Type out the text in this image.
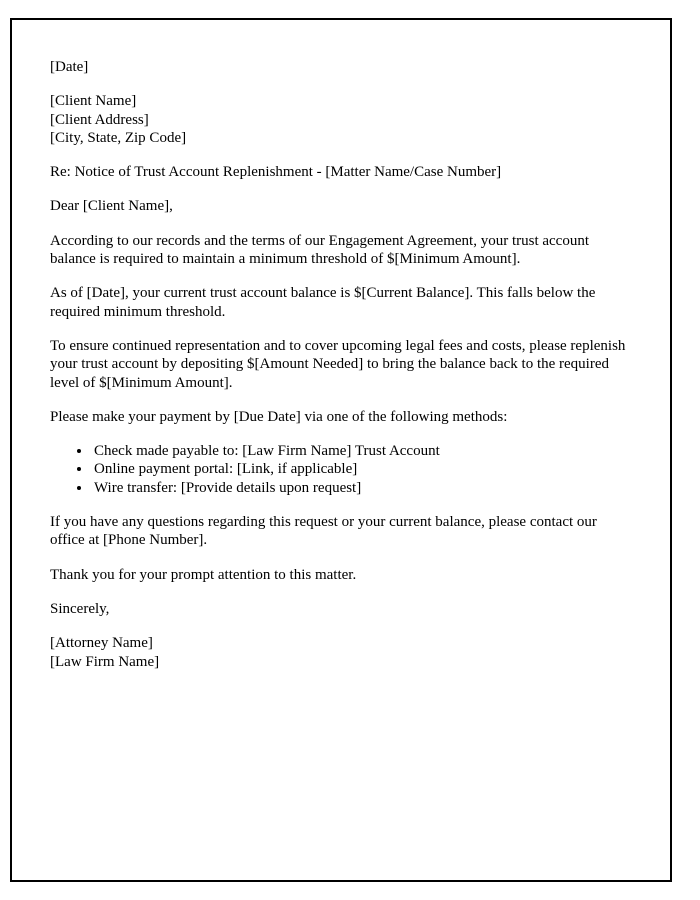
[Date]

[Client Name]

[Client Address]

[City, State, Zip Code]

Re: Notice of Trust Account Replenishment - [Matter Name/Case Number]

Dear [Client Name],

According to our records and the terms of our Engagement Agreement, your trust account balance is required to maintain a minimum threshold of $[Minimum Amount].

As of [Date], your current trust account balance is $[Current Balance]. This falls below the required minimum threshold.

To ensure continued representation and to cover upcoming legal fees and costs, please replenish your trust account by depositing $[Amount Needed] to bring the balance back to the required level of $[Minimum Amount].

Please make your payment by [Due Date] via one of the following methods:

• Check made payable to: [Law Firm Name] Trust Account
• Online payment portal: [Link, if applicable]
• Wire transfer: [Provide details upon request]

If you have any questions regarding this request or your current balance, please contact our office at [Phone Number].

Thank you for your prompt attention to this matter.

Sincerely,

[Attorney Name]

[Law Firm Name]
